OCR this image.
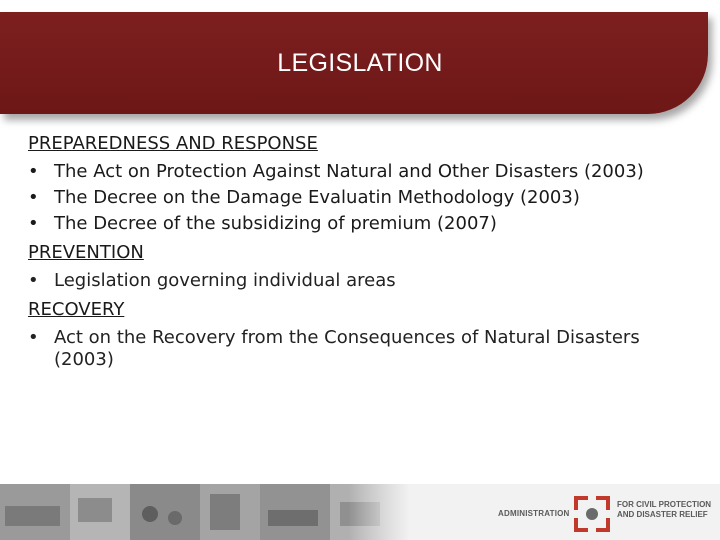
LEGISLATION
PREPAREDNESS AND RESPONSE
• The Act on Protection Against Natural and Other Disasters (2003)
• The Decree on the Damage Evaluatin Methodology (2003)
• The Decree of the subsidizing of premium (2007)
PREVENTION
• Legislation governing individual areas
RECOVERY
• Act on the Recovery from the Consequences of Natural Disasters (2003)
ADMINISTRATION
FOR CIVIL PROTECTION
AND DISASTER RELIEF
